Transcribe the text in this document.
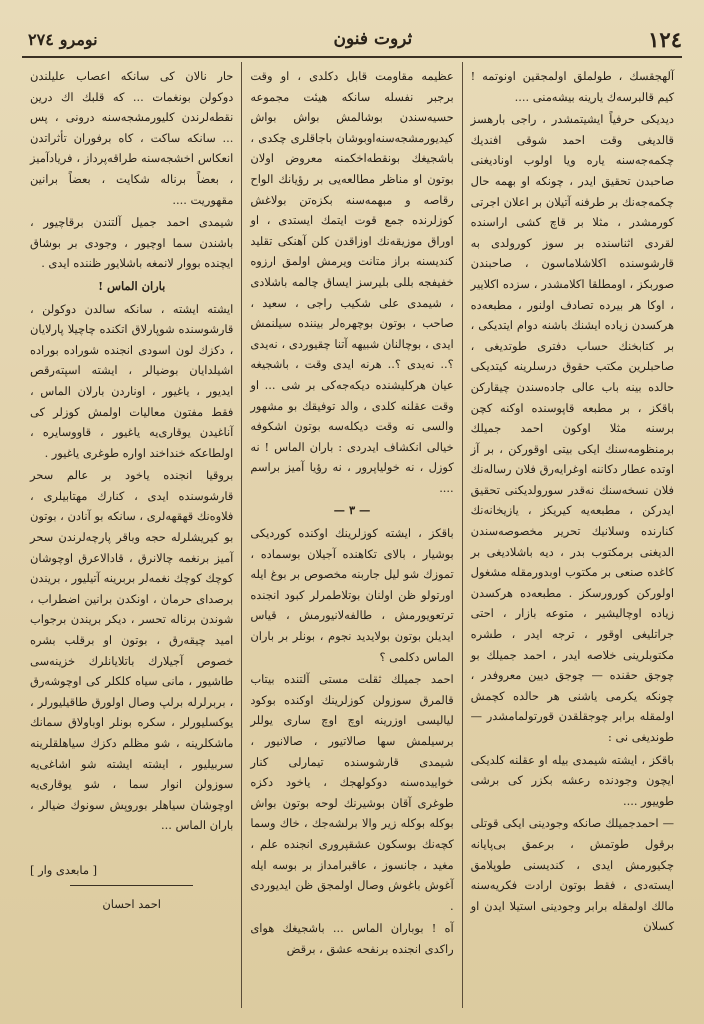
١٢٤
ثروت فنون
نومرو٢٧٤

آلهجقسك ، طولملق اولمجقين اونوتمه ! كيم قالبرسه‌ك يارينه بيشه‌منی ....

ديدیکی حرفیاً ایشیتمشدر ، راجی بارهسز قالديغی وقت احمد شوقی افنديك چکمه‌جه‌سنه یاره ویا اولوب اونادیغنی صاحبدن تحقیق ایدر ، چونکه او بهمه حال چکمه‌جه‌نك بر طرفنه آتیلان بر اعلان اجرتی کورمشدر ، مثلا بر قاچ کشی اراسنده لقردی اثناسنده بر سوز کورولدی به قارشوسنده اکلاشلاماسون ، صاحبندن صوربكز ، اومطلقا اكلامشدر ، سزده اكلايير ، اوکا هر بیرده تصادف اولنور ، مطبعه‌ده هرکسدن زیاده ایشنك باشنه دوام ایتدیکی ، بر کتابخنك حساب دفتری طوتدیغی ، صاحبلرین مکتب حقوق درسلرینه کیتدیکی حالده بینه باب عالی جاده‌سندن چیقارکن باقکز ، بر مطبعه قاپوسنده اوکنه کچن برسنه مثلا اوکون احمد جمیلك برمنظومه‌سنك ایکی بیتی اوقورکن ، بر آز اوتده عطار دکاننه اوغرایه‌رق فلان رساله‌نك فلان نسخه‌سنك نه‌قدر سورولدیکنی تحقیق ایدرکن ، مطبعه‌یه کیریکز ، یازیخانه‌نك کنارنده وسلانیك تحریر مخصوصه‌سندن الدیغنی برمکتوب بدر ، دیه باشلادیغی بر کاغده صنعی بر مکتوب اوبدورمقله مشغول اولورکن کورورسکز . مطبعه‌ده هرکسدن زیاده اوچالیشیر ، متوعه بازار ، احتی جراتلیغی اوقور ، ترجه ایدر ، طشره مکتوبلرینی خلاصه ایدر ، احمد جمیلك بو چوجق حقنده — چوجق دیین معروفدر ، چونکه یکرمی یاشنی هر حالده کچمش اولمقله برابر چوجقلقدن قورتولمامشدر — طوندیغی نی :

باقکز ، ایشته شیمدی بیله او عقلنه کلدیکی ایچون وجودنده رعشه بکزر کی برشی طوییور ....

— احمدجمیلك صانکه وجودینی ایکی قوتلی برقول طوتمش ، برعمق بی‌پایانه چکیورمش ایدی ، کندیسنی طوپلامق ایسته‌دی ، فقط بوتون ارادت فکریه‌سنه مالك اولمقله برابر وجودینی استیلا ایدن او کسلان

عظیمه مقاومت قابل دکلدی ، او وقت برجبر نفسله سانکه هیئت مجموعه حسیه‌سندن بوشالمش بواش بواش کیدیورمشجه‌سنه‌اوبوشان باجاقلری چکدی ، باشجیغك بونقطه‌اخکمنه معروض اولان بوتون او مناظر مطالعه‌یی بر رؤیانك الواح رقاصه و مبهمه‌سنه بکزه‌تن بولاغش کوزلرنده جمع قوت ایتمك ایستدی ، او اوراق موزیقه‌نك اوزاقدن کلن آهنکی تقلید کندیسنه براز متانت ویرمش اولمق ارزوه خفیفجه بللی بلیرسز ایساق چالمه باشلادی ، شیمدی علی شکیب راجی ، سعید ، صاحب ، بوتون بوچهره‌لر بیننده سیلنمش ایدی ، بوچالنان شبیهه آتنا چقیوردی ، نه‌یدی ؟.. نه‌یدی ؟.. هرنه ایدی وقت ، باشجیغه عیان هرکلیشنده دیکه‌جه‌کی بر شی ... او وقت عقلنه کلدی ، والد توفیقك بو مشهور والسی نه وقت دیکله‌سه بوتون اشکوفه خیالی انکشاف ایدردی : باران الماس ! نه کوزل ، نه خولیاپرور ، نه رؤیا آمیز براسم ....

— ٣ —

باقکز ، ایشته کوزلرینك اوکنده کوردیکی بوشیار ، بالای تکاهنده آجیلان بوسماده ، تموزك شو لیل جاربنه مخصوص بر بوغ ایله اورتولو ظن اولنان بوتلاطمرلر کبود انجنده ترتعویورمش ، طالفه‌لانیورمش ، قیاس ایدیلن بوتون بولایدید نجوم ، بونلر بر باران الماس دکلمی ؟

احمد جمیلك ثقلت مستی آلتنده بیتاب قالمرق سوزولن کوزلرینك اوکنده بوکود لیالیسی اوزرینه اوچ اوچ ساری یوللر برسیلمش سها صالاتیور ، صالانیور ، شیمدی قارشوسنده تیمارلی کنار خواییده‌سنه دوکولهجك ، یاخود دکزه طوغری آقان بوشیرنك لوحه بوتون بواش بوکله بوکله زیر والا برلشه‌جك ، خاك وسما کچه‌نك بوسکون عشقپروری انجنده علم ، مغید ، جانسوز ، عاقبرامداز بر بوسه ایله آغوش باغوش وصال اولمجق ظن ایدیوردی .

آه ! بوباران الماس ... باشجیغك هوای راکدی انجنده برنفحه عشق ، برقض

حار نالان کی سانکه اعصاب علیلندن دوکولن بونغمات ... که قلبك اك درین نقطه‌لرندن کلیورمشجه‌سنه درونی ، پس ... سانکه ساکت ، کاه برفوران تأثراتدن انعکاس اخشجه‌سنه طراقه‌پرداز ، فریادآمیز ، بعضاً برناله شکایت ، بعضاً برانین مقهوریت ....

شیمدی احمد جمیل آلتندن برقاچیور ، باشندن سما اوچیور ، وجودی بر بوشاق ایچنده بووار لانمغه باشلایور ظننده ایدی .

باران الماس !

ایشته ایشته ، سانکه سالدن دوکولن ، قارشوسنده شوپارلاق اتکنده چاچیلا پارلایان ، دکزك لون اسودی انجنده شوراده بوراده اشیلدایان بوضیالر ، ایشته اسپته‌رقص ایدیور ، یاغیور ، اوناردن بارلان الماس ، فقط مفتون معالیات اولمش کوزلر کی آناغیدن یوقاری‌یه یاغیور ، قاووسایره ، اولطاعکه خنداخند اواره طوغری یاغیور .

بروقیا انجنده یاخود بر عالم سحر قارشوسنده ایدی ، کنارك مهتابیلری ، فلاوه‌نك قهقهه‌لری ، سانکه بو آنادن ، بوتون بو کیریشلرله حجه وباقر پارچه‌لرندن سحر آمیز برنغمه چالانرق ، قادالاعرق اوچوشان کوچك کوچك نغمه‌لر بربرینه آتیلیور ، بریندن برصدای حرمان ، اونکدن برانین اضطراب ، شوندن برناله تحسر ، دیکر بریندن برجواب امید چیقه‌رق ، بوتون او برقلب بشره خصوص آجیلارك باتلایانلرك خزینه‌سی طاشیور ، مانی سیاه کلکلر کی اوچوشه‌رق ، بربرلرله برلپ وصال اولورق طاقیلیورلر ، یوکسلیورلر ، سکره بونلر اوباولاق سمانك ماشکلرینه ، شو مظلم دکزك سیاهلقلرینه سربیلیور ، ایشته ایشته شو اشاغی‌یه سوزولن انوار سما ، شو یوقاری‌یه اوچوشان سیاهلر بوروپش سونوك ضیالر ، باران الماس ...

[ مابعدی وار ]

احمد احسان
